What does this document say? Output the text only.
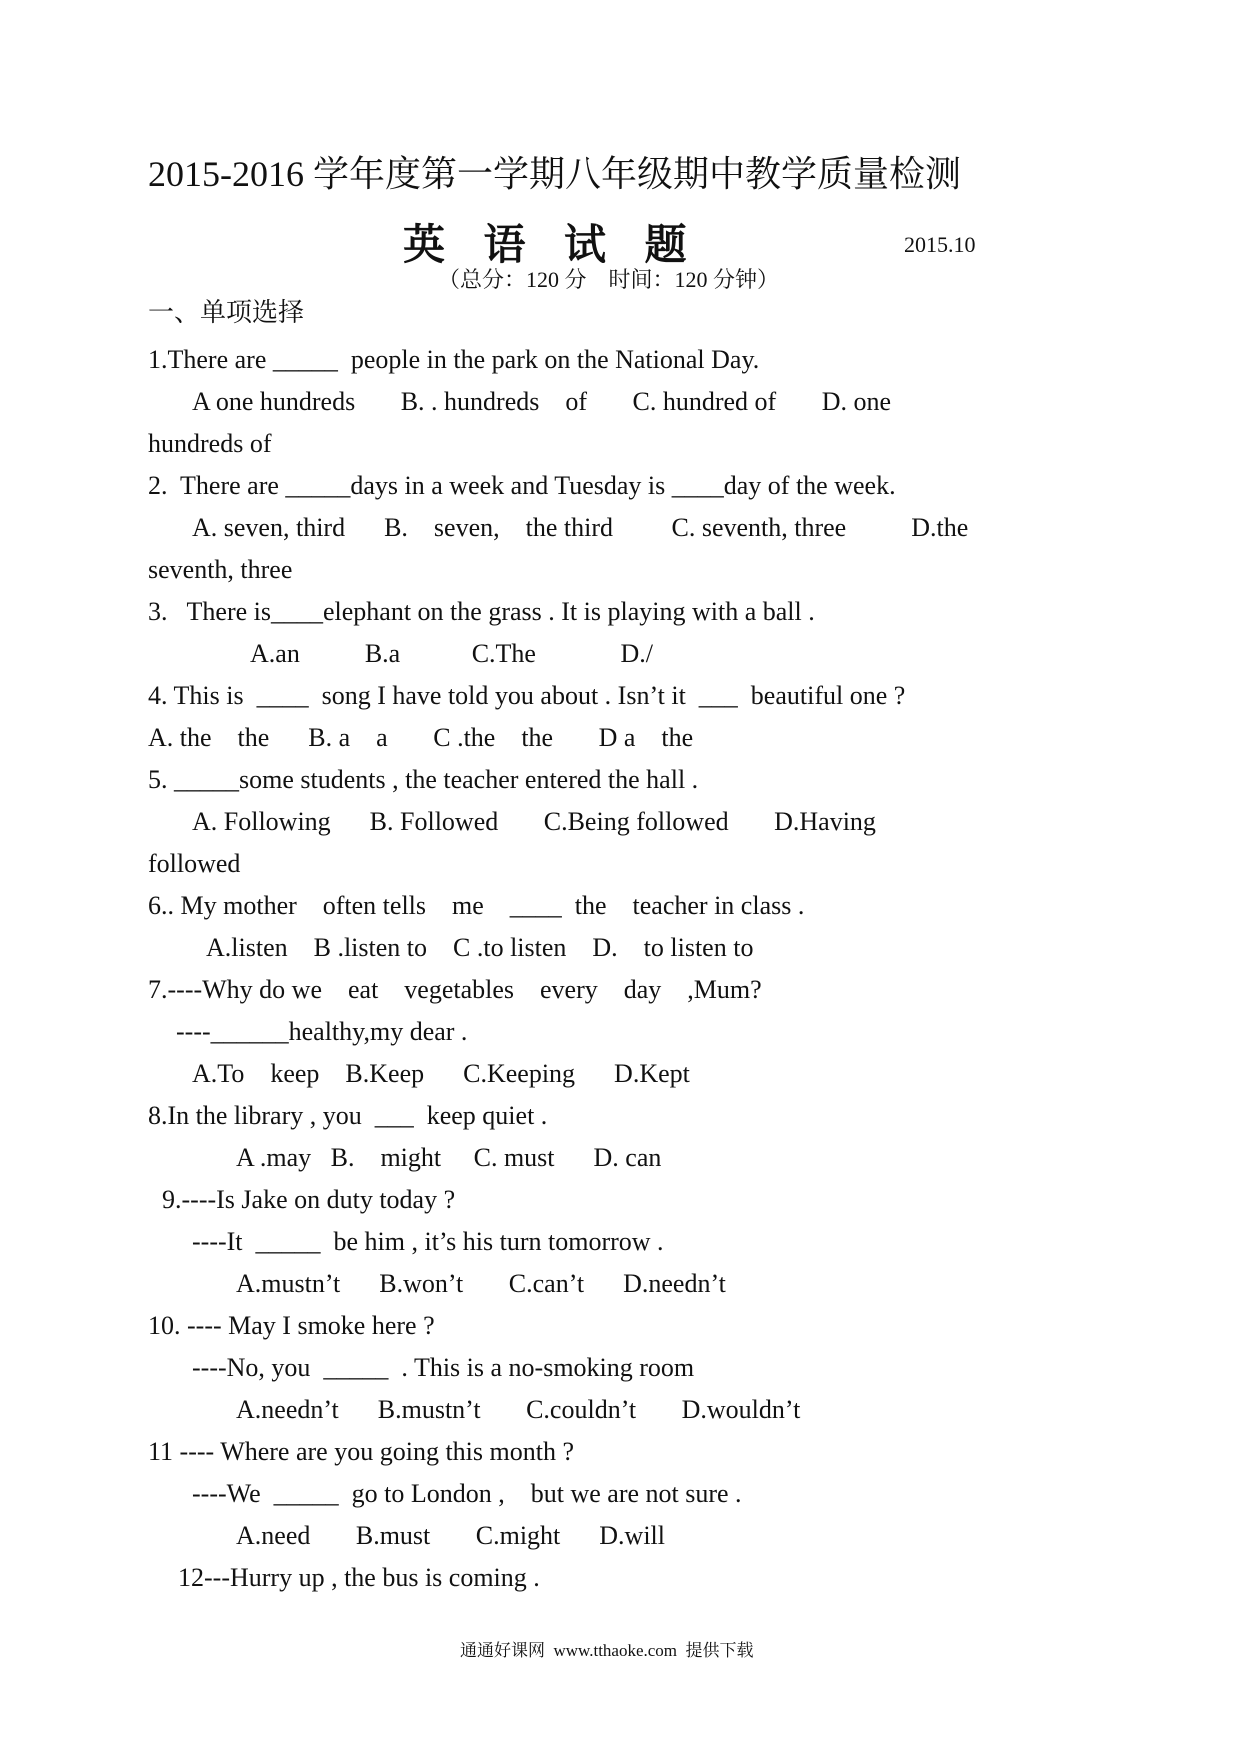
2015-2016 学年度第一学期八年级期中教学质量检测
英 语 试 题	2015.10
（总分：120 分    时间：120 分钟）
一、单项选择
1.There are _____  people in the park on the National Day.
A one hundreds       B. . hundreds    of       C. hundred of       D. one
hundreds of
2.  There are _____days in a week and Tuesday is ____day of the week.
A. seven, third      B.    seven,    the third         C. seventh, three          D.the
seventh, three
3.   There is____elephant on the grass . It is playing with a ball .
A.an          B.a           C.The             D./
4. This is  ____  song I have told you about . Isn’t it  ___  beautiful one ?
A. the    the      B. a    a       C .the    the       D a    the
5. _____some students , the teacher entered the hall .
A. Following      B. Followed       C.Being followed       D.Having
followed
6.. My mother    often tells    me    ____  the    teacher in class .
A.listen    B .listen to    C .to listen    D.    to listen to
7.----Why do we    eat    vegetables    every    day    ,Mum?
----______healthy,my dear .
A.To    keep    B.Keep      C.Keeping      D.Kept
8.In the library , you  ___  keep quiet .
A .may   B.    might     C. must      D. can
9.----Is Jake on duty today ?
----It  _____  be him , it’s his turn tomorrow .
A.mustn’t      B.won’t       C.can’t      D.needn’t
10. ---- May I smoke here ?
----No, you  _____  . This is a no-smoking room
A.needn’t      B.mustn’t       C.couldn’t       D.wouldn’t
11 ---- Where are you going this month ?
----We  _____  go to London ,    but we are not sure .
A.need       B.must       C.might      D.will
12---Hurry up , the bus is coming .
通通好课网  www.tthaoke.com  提供下载
